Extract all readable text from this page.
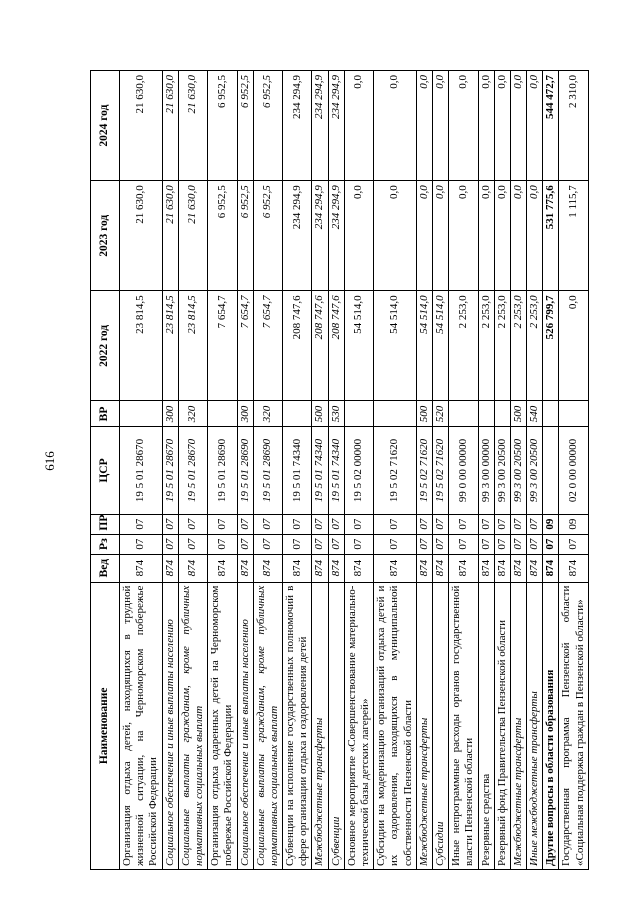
616
Наименование	Вед	Рз	ПР	ЦСР	ВР	2022 год	2023 год	2024 год
Организация отдыха детей, находящихся в трудной жизненной ситуации, на Черноморском побережье Российской Федерации	874	07	07	19 5 01 28670		23 814,5	21 630,0	21 630,0
Социальное обеспечение и иные выплаты населению	874	07	07	19 5 01 28670	300	23 814,5	21 630,0	21 630,0
Социальные выплаты гражданам, кроме публичных нормативных социальных выплат	874	07	07	19 5 01 28670	320	23 814,5	21 630,0	21 630,0
Организация отдыха одаренных детей на Черноморском побережье Российской Федерации	874	07	07	19 5 01 28690		7 654,7	6 952,5	6 952,5
Социальное обеспечение и иные выплаты населению	874	07	07	19 5 01 28690	300	7 654,7	6 952,5	6 952,5
Социальные выплаты гражданам, кроме публичных нормативных социальных выплат	874	07	07	19 5 01 28690	320	7 654,7	6 952,5	6 952,5
Субвенции на исполнение государственных полномочий в сфере организации отдыха и оздоровления детей	874	07	07	19 5 01 74340		208 747,6	234 294,9	234 294,9
Межбюджетные трансферты	874	07	07	19 5 01 74340	500	208 747,6	234 294,9	234 294,9
Субвенции	874	07	07	19 5 01 74340	530	208 747,6	234 294,9	234 294,9
Основное мероприятие «Совершенствование материально-технической базы детских лагерей»	874	07	07	19 5 02 00000		54 514,0	0,0	0,0
Субсидии на модернизацию организаций отдыха детей и их оздоровления, находящихся в муниципальной собственности Пензенской области	874	07	07	19 5 02 71620		54 514,0	0,0	0,0
Межбюджетные трансферты	874	07	07	19 5 02 71620	500	54 514,0	0,0	0,0
Субсидии	874	07	07	19 5 02 71620	520	54 514,0	0,0	0,0
Иные непрограммные расходы органов государственной власти Пензенской области	874	07	07	99 0 00 00000		2 253,0	0,0	0,0
Резервные средства	874	07	07	99 3 00 00000		2 253,0	0,0	0,0
Резервный фонд Правительства Пензенской области	874	07	07	99 3 00 20500		2 253,0	0,0	0,0
Межбюджетные трансферты	874	07	07	99 3 00 20500	500	2 253,0	0,0	0,0
Иные межбюджетные трансферты	874	07	07	99 3 00 20500	540	2 253,0	0,0	0,0
Другие вопросы в области образования	874	07	09			526 799,7	531 775,6	544 472,7
Государственная программа Пензенской области «Социальная поддержка граждан в Пензенской области»	874	07	09	02 0 00 00000		0,0	1 115,7	2 310,0
